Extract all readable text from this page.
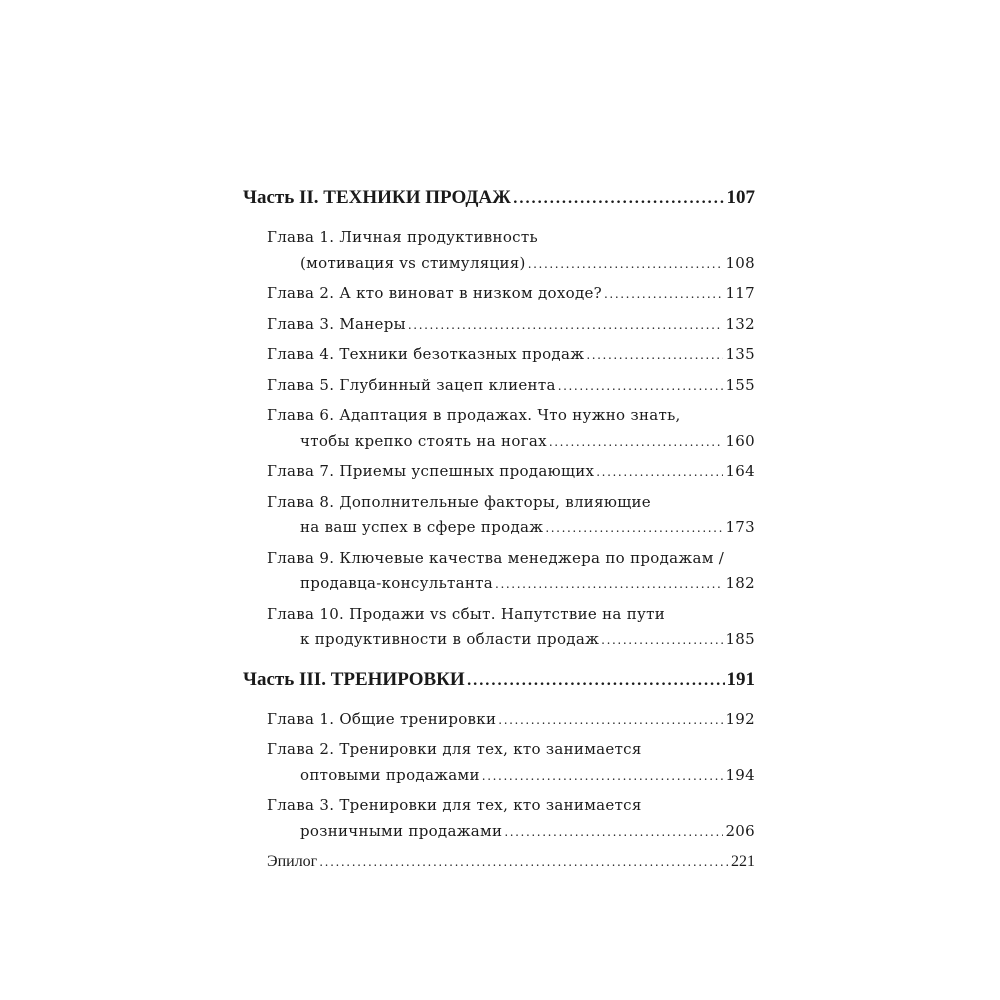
Часть II. ТЕХНИКИ ПРОДАЖ .....	107
Глава 1. Личная продуктивность
(мотивация vs стимуляция) .....	108
Глава 2. А кто виноват в низком доходе? .....	117
Глава 3. Манеры .....	132
Глава 4. Техники безотказных продаж .....	135
Глава 5. Глубинный зацеп клиента .....	155
Глава 6. Адаптация в продажах. Что нужно знать,
чтобы крепко стоять на ногах .....	160
Глава 7. Приемы успешных продающих .....	164
Глава 8. Дополнительные факторы, влияющие
на ваш успех в сфере продаж .....	173
Глава 9. Ключевые качества менеджера по продажам /
продавца-консультанта .....	182
Глава 10. Продажи vs сбыт. Напутствие на пути
к продуктивности в области продаж .....	185
Часть III. ТРЕНИРОВКИ .....	191
Глава 1. Общие тренировки .....	192
Глава 2. Тренировки для тех, кто занимается
оптовыми продажами .....	194
Глава 3. Тренировки для тех, кто занимается
розничными продажами .....	206
Эпилог .....	221
